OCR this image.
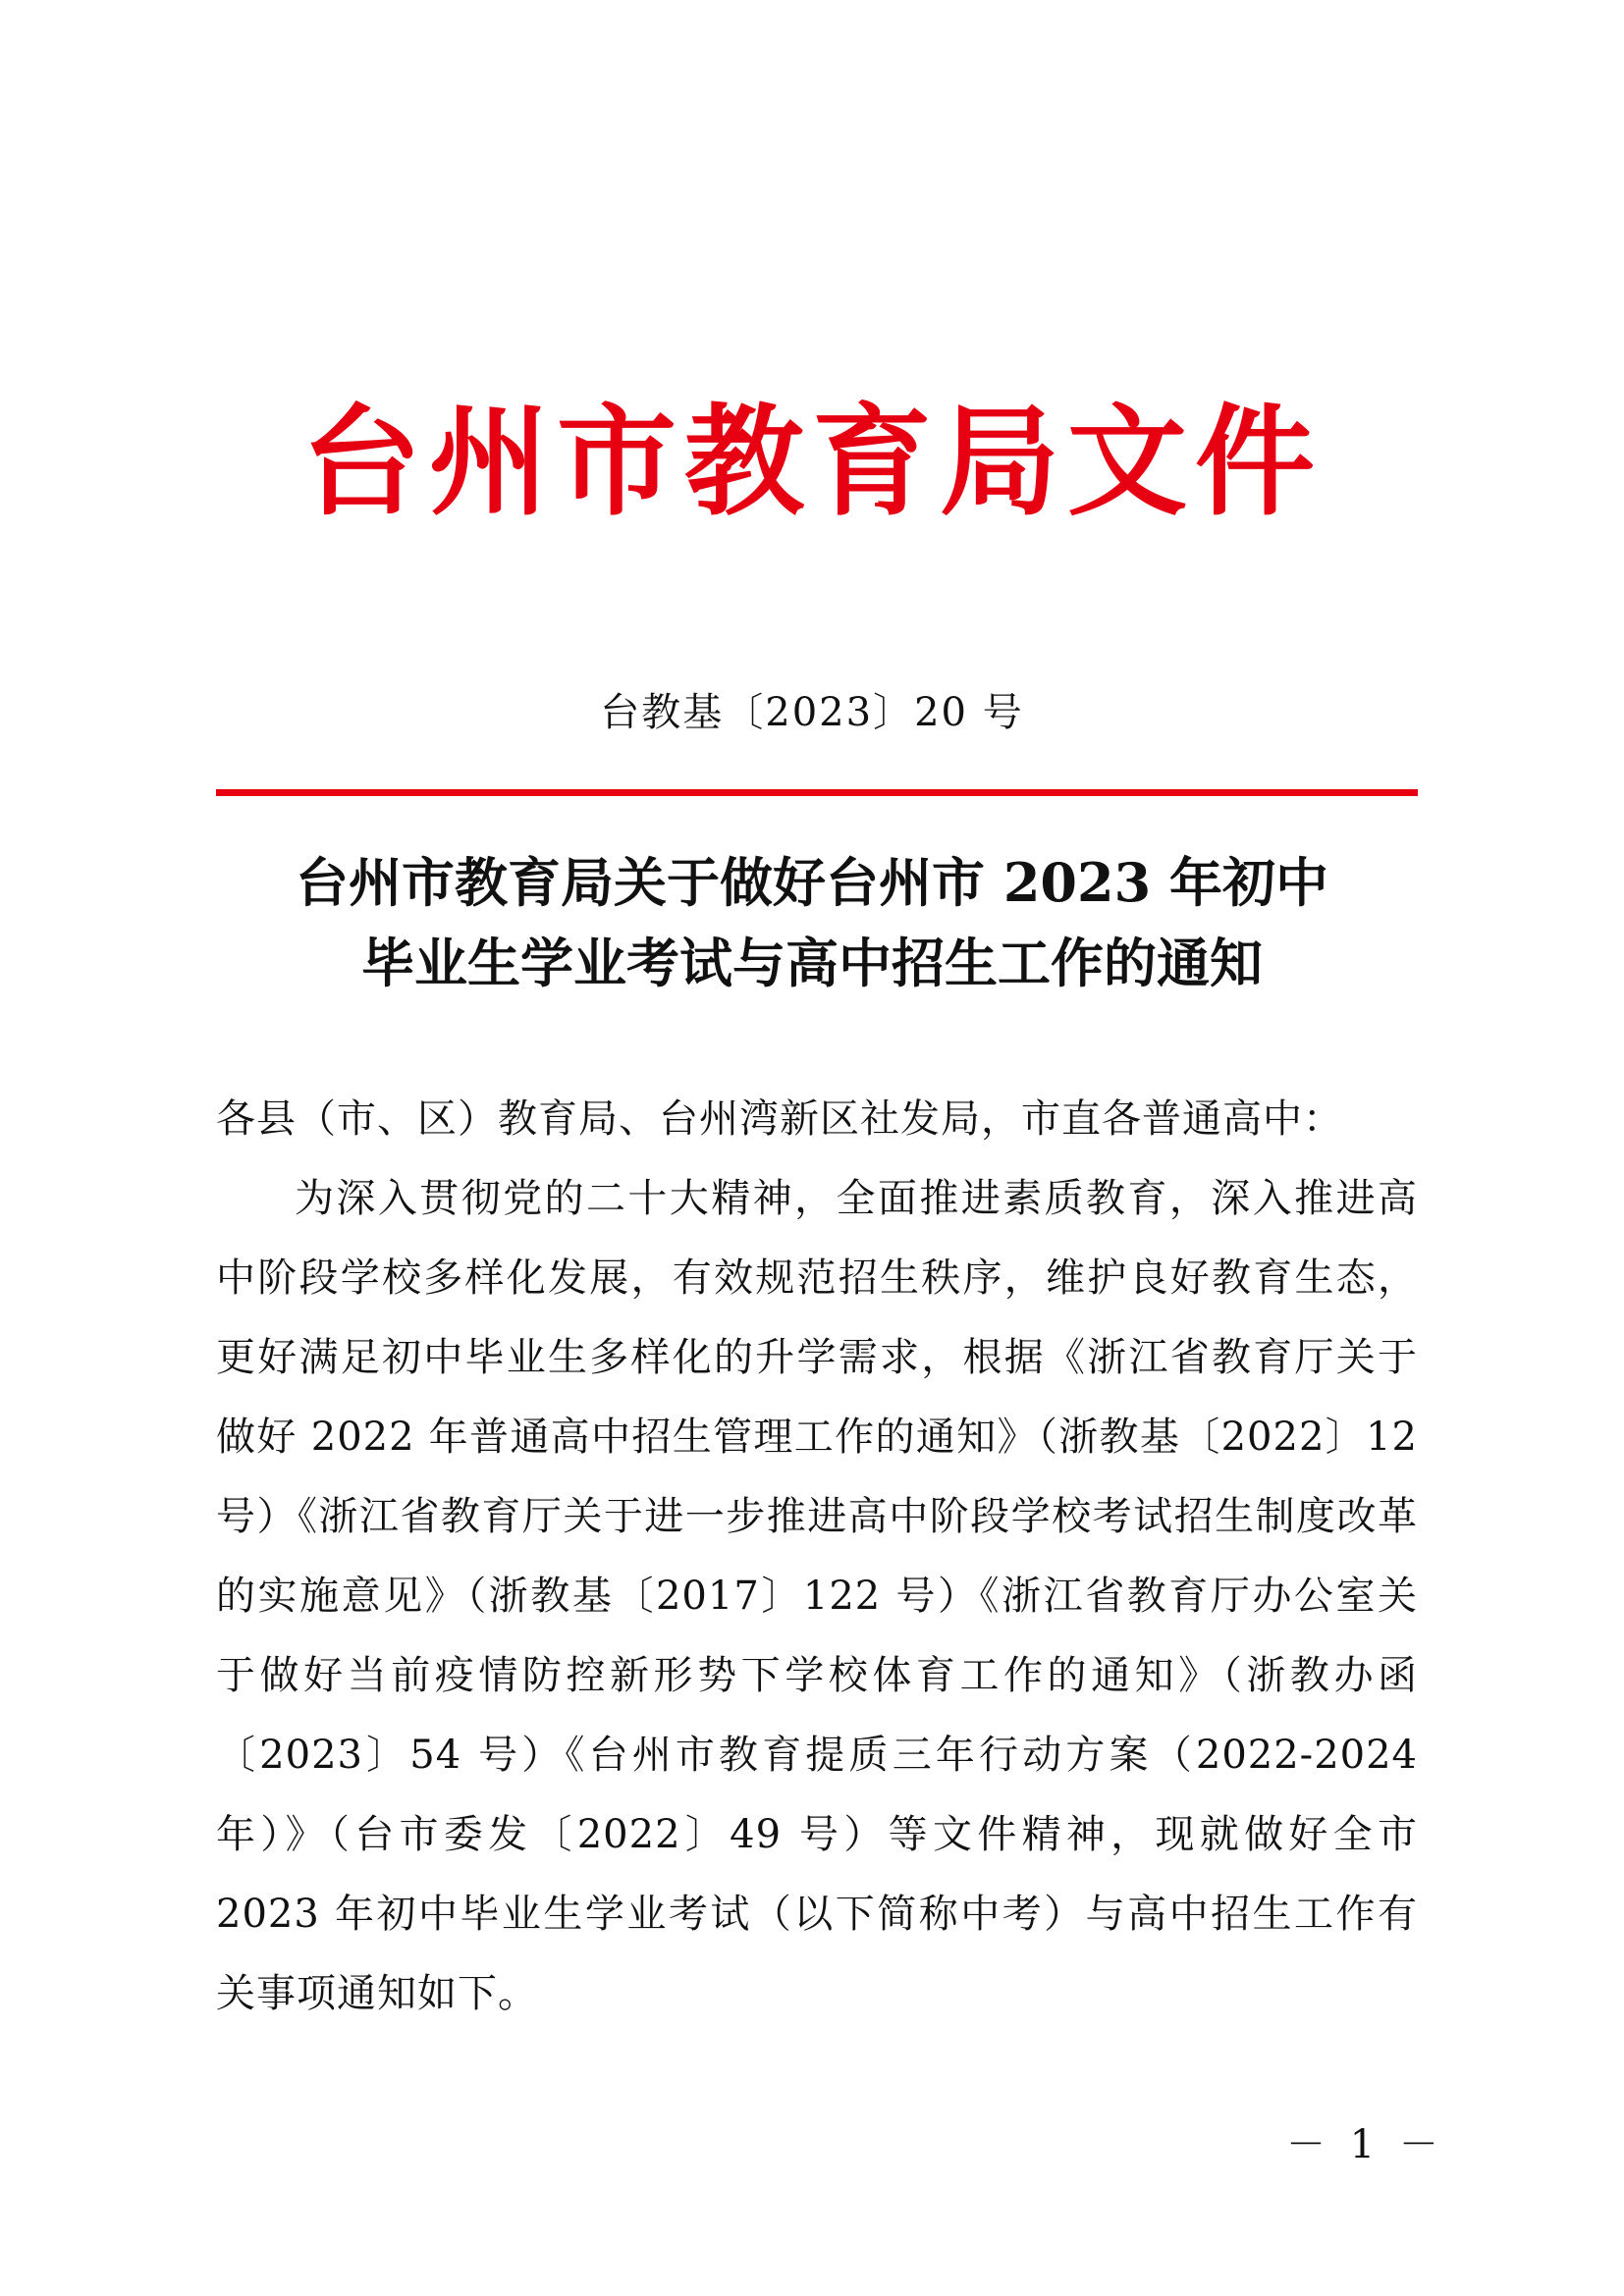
台州市教育局文件
台教基〔2023〕20 号
台州市教育局关于做好台州市 2023 年初中
毕业生学业考试与高中招生工作的通知

各县（市、区）教育局、台州湾新区社发局，市直各普通高中：

为深入贯彻党的二十大精神，全面推进素质教育，深入推进高中阶段学校多样化发展，有效规范招生秩序，维护良好教育生态，更好满足初中毕业生多样化的升学需求，根据《浙江省教育厅关于做好 2022 年普通高中招生管理工作的通知》（浙教基〔2022〕12 号）《浙江省教育厅关于进一步推进高中阶段学校考试招生制度改革的实施意见》（浙教基〔2017〕122 号）《浙江省教育厅办公室关于做好当前疫情防控新形势下学校体育工作的通知》（浙教办函〔2023〕54 号）《台州市教育提质三年行动方案（2022-2024 年）》（台市委发〔2022〕49 号）等文件精神，现就做好全市 2023 年初中毕业生学业考试（以下简称中考）与高中招生工作有关事项通知如下。

－ 1 －
